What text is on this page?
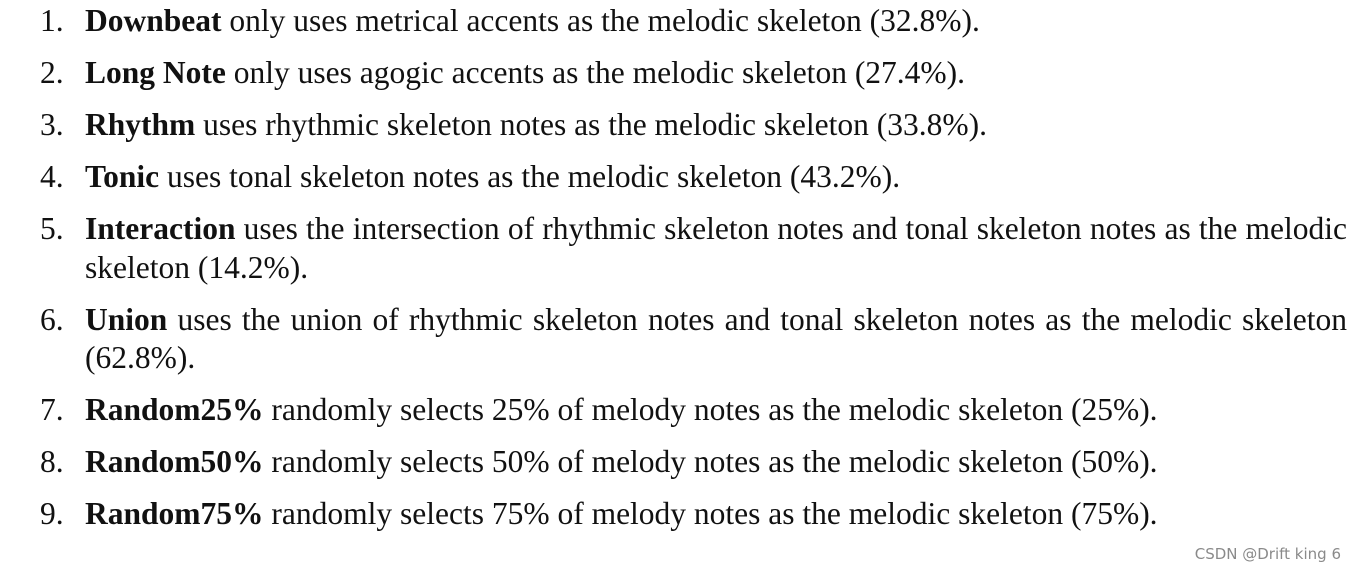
1. Downbeat only uses metrical accents as the melodic skeleton (32.8%).
2. Long Note only uses agogic accents as the melodic skeleton (27.4%).
3. Rhythm uses rhythmic skeleton notes as the melodic skeleton (33.8%).
4. Tonic uses tonal skeleton notes as the melodic skeleton (43.2%).
5. Interaction uses the intersection of rhythmic skeleton notes and tonal skeleton notes as the melodic skeleton (14.2%).
6. Union uses the union of rhythmic skeleton notes and tonal skeleton notes as the melodic skeleton (62.8%).
7. Random25% randomly selects 25% of melody notes as the melodic skeleton (25%).
8. Random50% randomly selects 50% of melody notes as the melodic skeleton (50%).
9. Random75% randomly selects 75% of melody notes as the melodic skeleton (75%).
CSDN @Drift king 6
